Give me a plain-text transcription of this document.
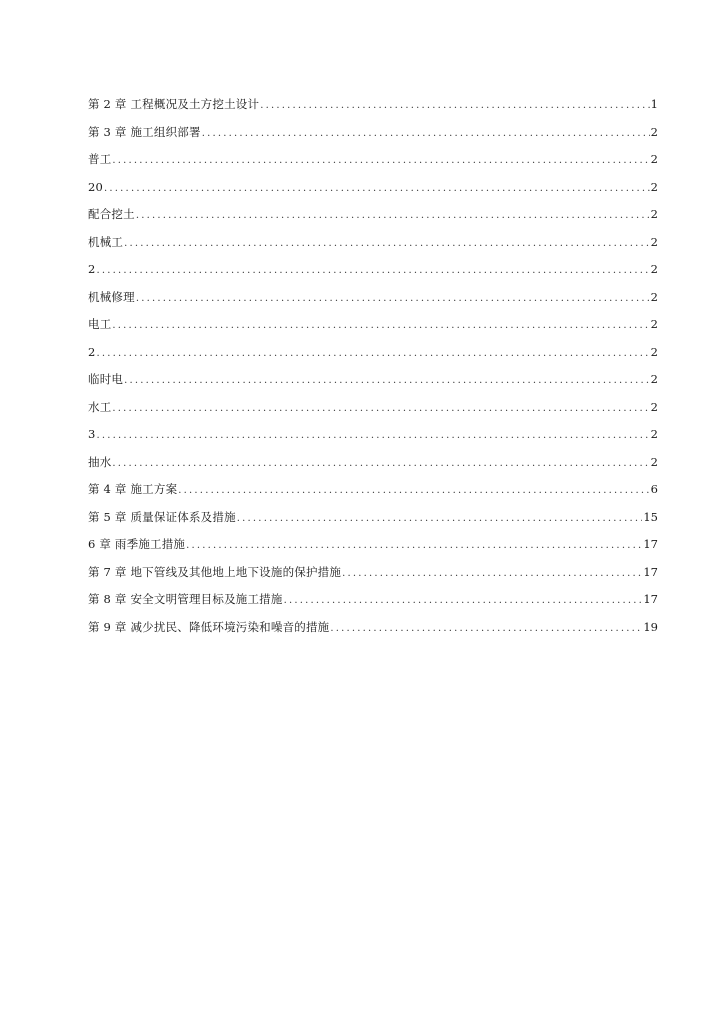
第 2 章 工程概况及土方挖土设计 .....	1
第 3 章 施工组织部署 .....	2
普工 .....	2
20 .....	2
配合挖土 .....	2
机械工 .....	2
2 .....	2
机械修理 .....	2
电工 .....	2
2 .....	2
临时电 .....	2
水工 .....	2
3 .....	2
抽水 .....	2
第 4 章 施工方案 .....	6
第 5 章 质量保证体系及措施 .....	15
6 章 雨季施工措施 .....	17
第 7 章 地下管线及其他地上地下设施的保护措施 .....	17
第 8 章 安全文明管理目标及施工措施 .....	17
第 9 章 减少扰民、降低环境污染和噪音的措施 .....	19
